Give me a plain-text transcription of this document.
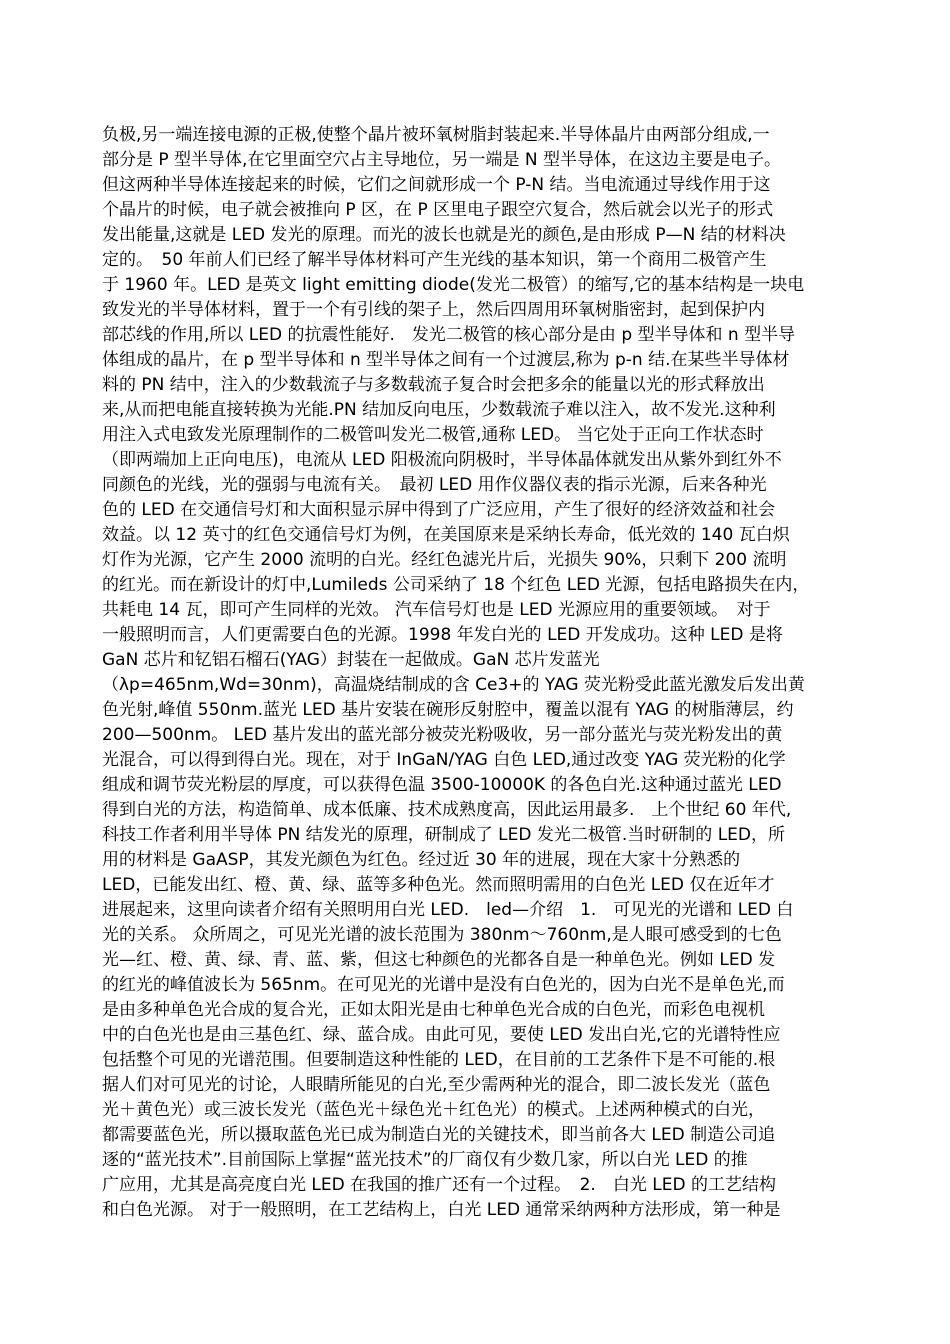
负极,另一端连接电源的正极,使整个晶片被环氧树脂封装起来.半导体晶片由两部分组成,一
部分是 P 型半导体,在它里面空穴占主导地位，另一端是 N 型半导体，在这边主要是电子。
但这两种半导体连接起来的时候，它们之间就形成一个 P-N 结。当电流通过导线作用于这
个晶片的时候，电子就会被推向 P 区，在 P 区里电子跟空穴复合，然后就会以光子的形式
发出能量,这就是 LED 发光的原理。而光的波长也就是光的颜色,是由形成 P—N 结的材料决
定的。　50 年前人们已经了解半导体材料可产生光线的基本知识，第一个商用二极管产生
于 1960 年。LED 是英文 light emitting diode(发光二极管）的缩写,它的基本结构是一块电
致发光的半导体材料，置于一个有引线的架子上，然后四周用环氧树脂密封，起到保护内
部芯线的作用,所以 LED 的抗震性能好.　发光二极管的核心部分是由 p 型半导体和 n 型半导
体组成的晶片，在 p 型半导体和 n 型半导体之间有一个过渡层,称为 p-n 结.在某些半导体材
料的 PN 结中，注入的少数载流子与多数载流子复合时会把多余的能量以光的形式释放出
来,从而把电能直接转换为光能.PN 结加反向电压，少数载流子难以注入，故不发光.这种利
用注入式电致发光原理制作的二极管叫发光二极管,通称 LED。 当它处于正向工作状态时
（即两端加上正向电压)，电流从 LED 阳极流向阴极时，半导体晶体就发出从紫外到红外不
同颜色的光线，光的强弱与电流有关。　最初 LED 用作仪器仪表的指示光源，后来各种光
色的 LED 在交通信号灯和大面积显示屏中得到了广泛应用，产生了很好的经济效益和社会
效益。以 12 英寸的红色交通信号灯为例，在美国原来是采纳长寿命，低光效的 140 瓦白炽
灯作为光源，它产生 2000 流明的白光。经红色滤光片后，光损失 90%，只剩下 200 流明
的红光。而在新设计的灯中,Lumileds 公司采纳了 18 个红色 LED 光源，包括电路损失在内，
共耗电 14 瓦，即可产生同样的光效。 汽车信号灯也是 LED 光源应用的重要领域。　对于
一般照明而言，人们更需要白色的光源。1998 年发白光的 LED 开发成功。这种 LED 是将
GaN 芯片和钇铝石榴石(YAG）封装在一起做成。GaN 芯片发蓝光
（λp=465nm,Wd=30nm)，高温烧结制成的含 Ce3+的 YAG 荧光粉受此蓝光激发后发出黄
色光射,峰值 550nm.蓝光 LED 基片安装在碗形反射腔中，覆盖以混有 YAG 的树脂薄层，约
200—500nm。 LED 基片发出的蓝光部分被荧光粉吸收，另一部分蓝光与荧光粉发出的黄
光混合，可以得到得白光。现在，对于 InGaN/YAG 白色 LED,通过改变 YAG 荧光粉的化学
组成和调节荧光粉层的厚度，可以获得色温 3500-10000K 的各色白光.这种通过蓝光 LED
得到白光的方法，构造简单、成本低廉、技术成熟度高，因此运用最多.　上个世纪 60 年代,
科技工作者利用半导体 PN 结发光的原理，研制成了 LED 发光二极管.当时研制的 LED，所
用的材料是 GaASP，其发光颜色为红色。经过近 30 年的进展，现在大家十分熟悉的
LED，已能发出红、橙、黄、绿、蓝等多种色光。然而照明需用的白色光 LED 仅在近年才
进展起来，这里向读者介绍有关照明用白光 LED.　led—介绍　1.　可见光的光谱和 LED 白
光的关系。 众所周之，可见光光谱的波长范围为 380nm～760nm,是人眼可感受到的七色
光—红、橙、黄、绿、青、蓝、紫，但这七种颜色的光都各自是一种单色光。例如 LED 发
的红光的峰值波长为 565nm。在可见光的光谱中是没有白色光的，因为白光不是单色光,而
是由多种单色光合成的复合光，正如太阳光是由七种单色光合成的白色光，而彩色电视机
中的白色光也是由三基色红、绿、蓝合成。由此可见，要使 LED 发出白光,它的光谱特性应
包括整个可见的光谱范围。但要制造这种性能的 LED，在目前的工艺条件下是不可能的.根
据人们对可见光的讨论，人眼睛所能见的白光,至少需两种光的混合，即二波长发光（蓝色
光＋黄色光）或三波长发光（蓝色光＋绿色光＋红色光）的模式。上述两种模式的白光，
都需要蓝色光，所以摄取蓝色光已成为制造白光的关键技术，即当前各大 LED 制造公司追
逐的“蓝光技术”.目前国际上掌握“蓝光技术”的厂商仅有少数几家，所以白光 LED 的推
广应用，尤其是高亮度白光 LED 在我国的推广还有一个过程。　2.　白光 LED 的工艺结构
和白色光源。 对于一般照明，在工艺结构上，白光 LED 通常采纳两种方法形成，第一种是
